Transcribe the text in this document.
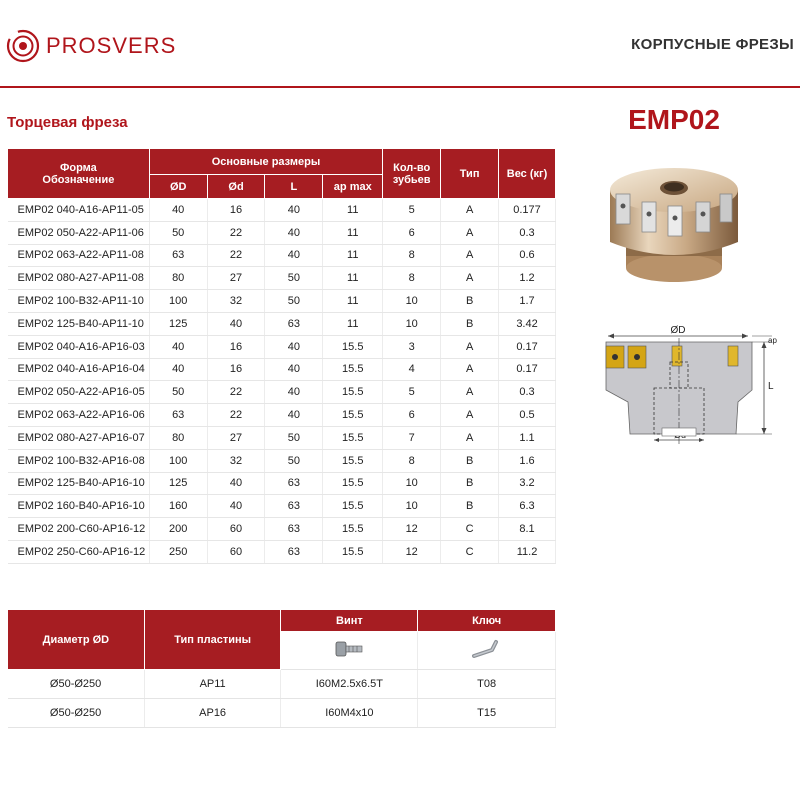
PROSVERS	КОРПУСНЫЕ ФРЕЗЫ
Торцевая фреза	EMP02
Форма
Обозначение	Основные размеры				Кол-во зубьев	Тип	Вес (кг)
	ØD	Ød	L	ap max			
EMP02 040-A16-AP11-05	40	16	40	11	5	A	0.177
EMP02 050-A22-AP11-06	50	22	40	11	6	A	0.3
EMP02 063-A22-AP11-08	63	22	40	11	8	A	0.6
EMP02 080-A27-AP11-08	80	27	50	11	8	A	1.2
EMP02 100-B32-AP11-10	100	32	50	11	10	B	1.7
EMP02 125-B40-AP11-10	125	40	63	11	10	B	3.42
EMP02 040-A16-AP16-03	40	16	40	15.5	3	A	0.17
EMP02 040-A16-AP16-04	40	16	40	15.5	4	A	0.17
EMP02 050-A22-AP16-05	50	22	40	15.5	5	A	0.3
EMP02 063-A22-AP16-06	63	22	40	15.5	6	A	0.5
EMP02 080-A27-AP16-07	80	27	50	15.5	7	A	1.1
EMP02 100-B32-AP16-08	100	32	50	15.5	8	B	1.6
EMP02 125-B40-AP16-10	125	40	63	15.5	10	B	3.2
EMP02 160-B40-AP16-10	160	40	63	15.5	10	B	6.3
EMP02 200-C60-AP16-12	200	60	63	15.5	12	C	8.1
EMP02 250-C60-AP16-12	250	60	63	15.5	12	C	11.2
ØD
ap
L
Диаметр ØD	Тип пластины	Винт	Ключ

Ø50-Ø250	AP11	I60M2.5x6.5T	T08
Ø50-Ø250	AP16	I60M4x10	T15
